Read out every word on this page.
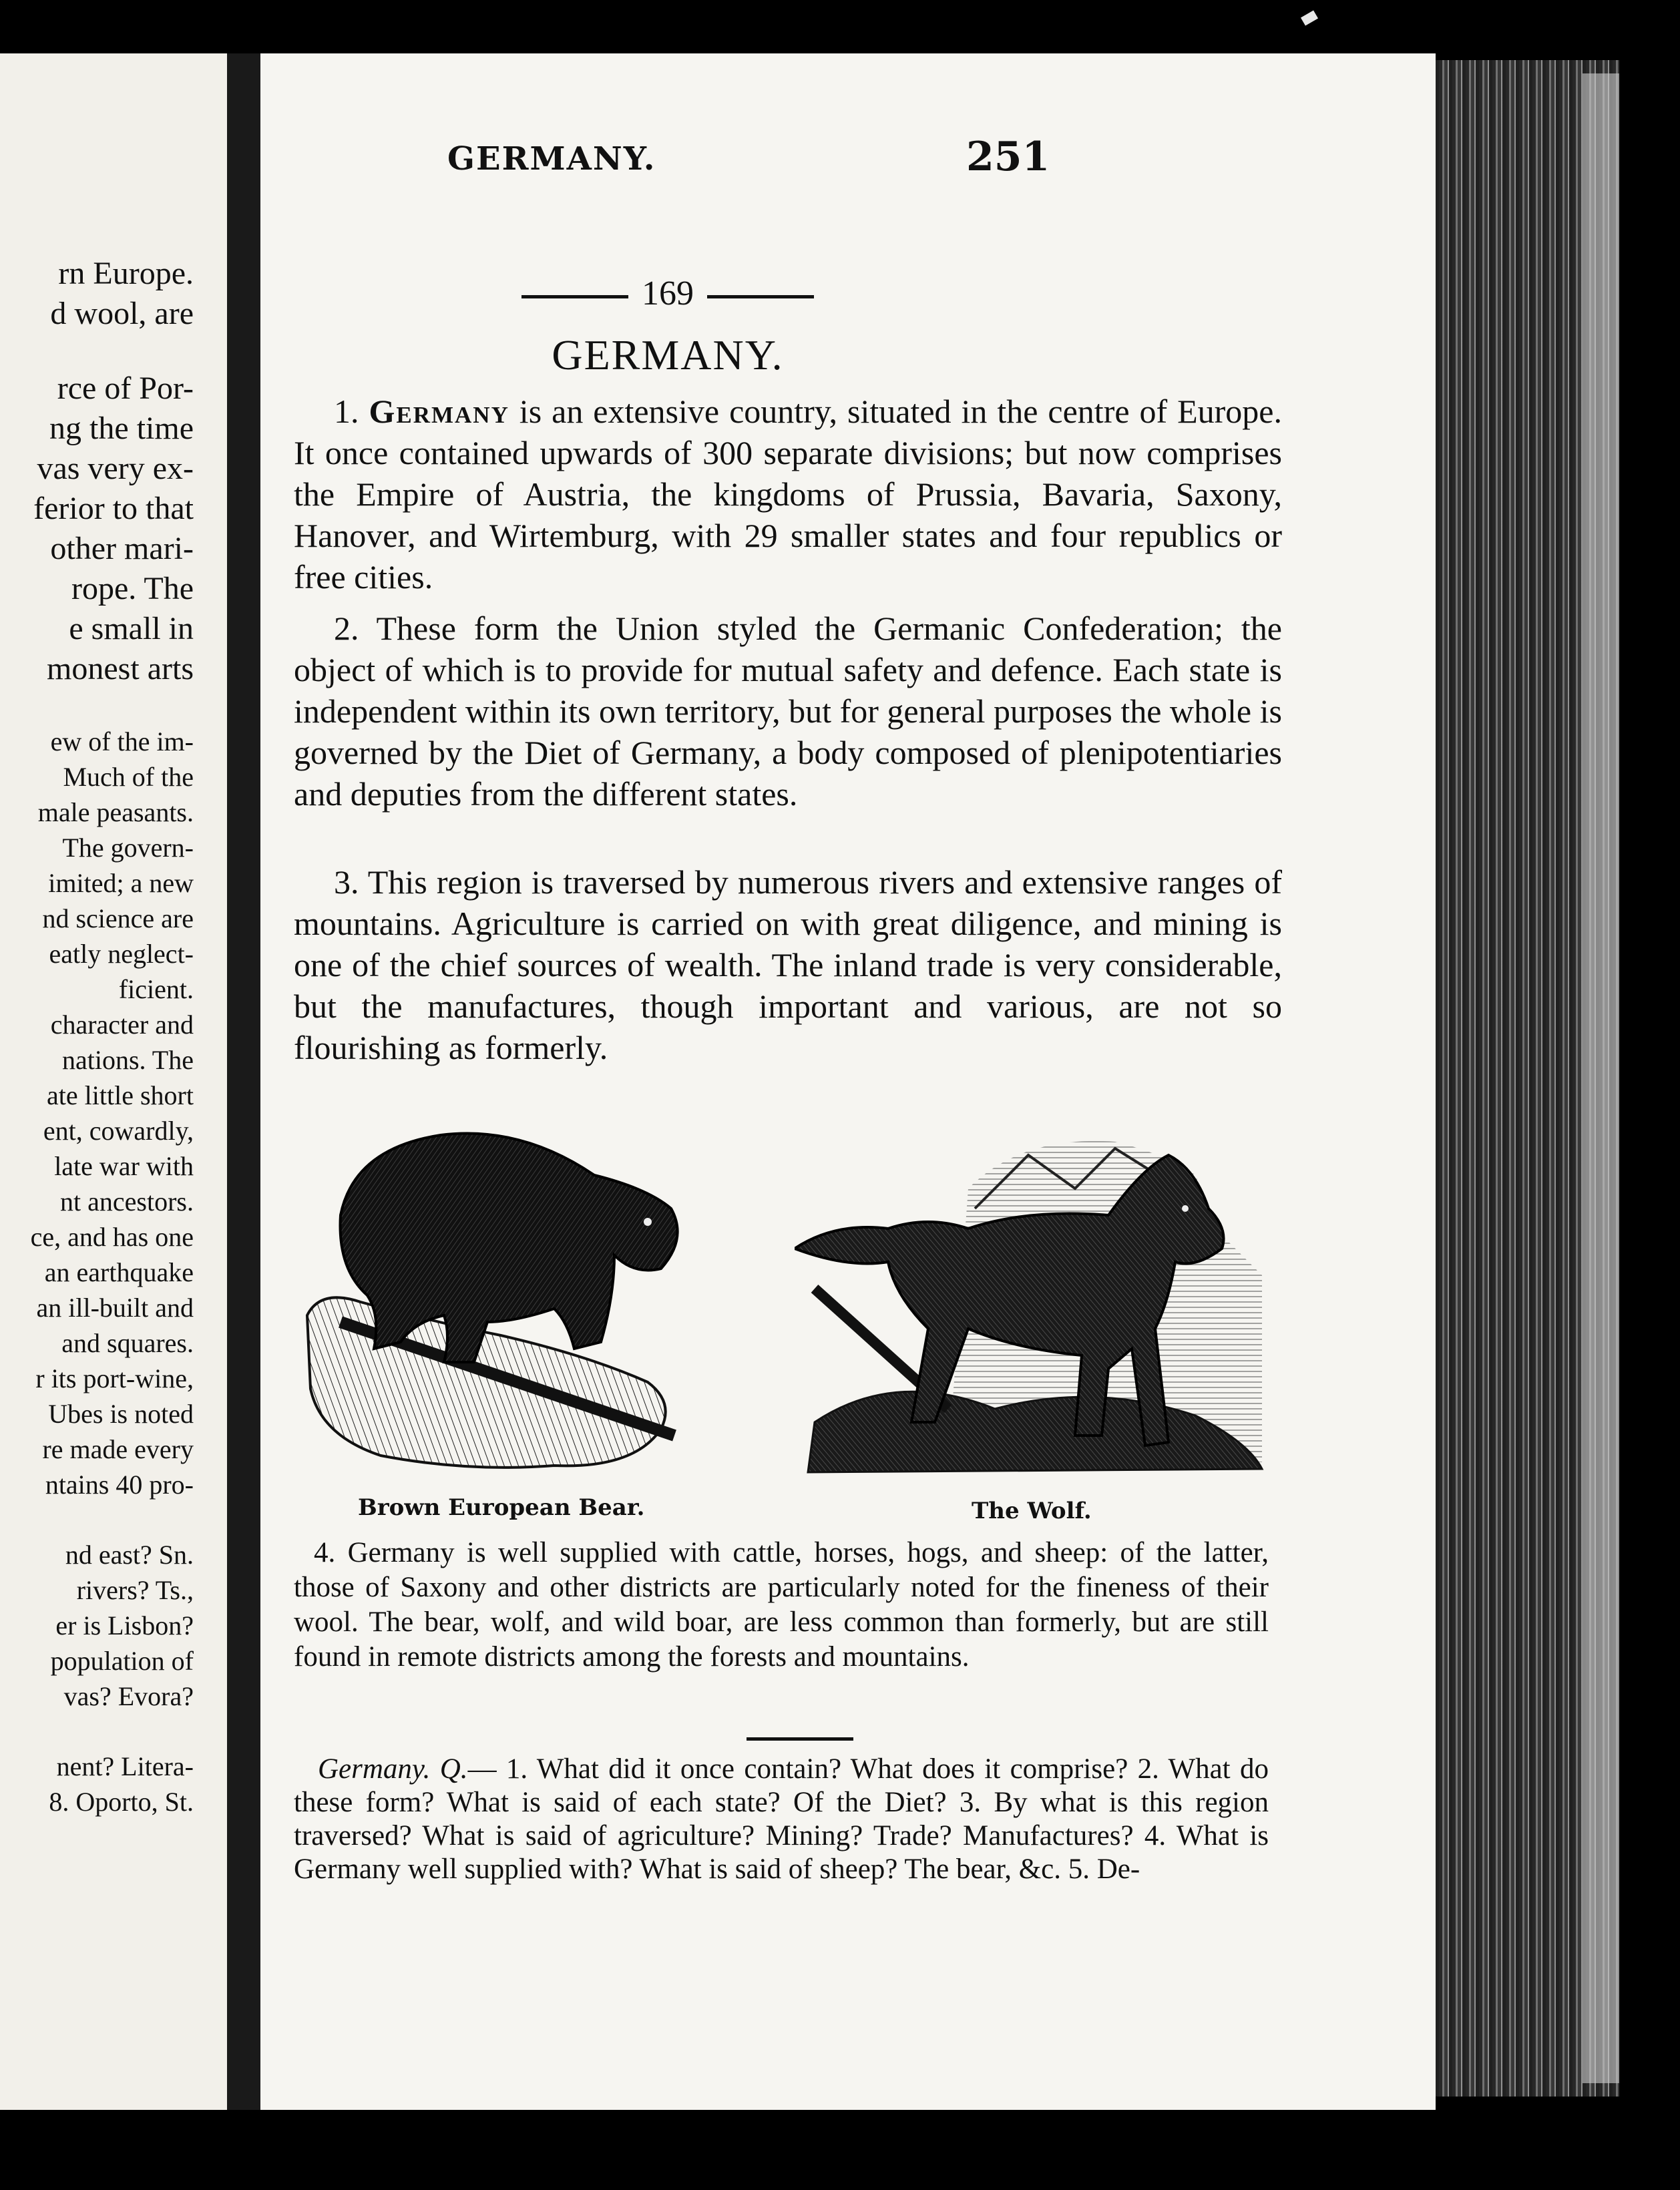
rn Europe.
d wool, are
rce of Por-
ng the time
vas very ex-
ferior to that
other mari-
rope. The
e small in
monest arts
ew of the im-
Much of the
male peasants.
The govern-
imited; a new
nd science are
eatly neglect-
ficient.
character and
nations. The
ate little short
ent, cowardly,
late war with
nt ancestors.
ce, and has one
an earthquake
an ill-built and
and squares.
r its port-wine,
Ubes is noted
re made every
ntains 40 pro-
nd east? Sn.
rivers? Ts.,
er is Lisbon?
population of
vas? Evora?
nent? Litera-
8. Oporto, St.
GERMANY.	251
169
GERMANY.
1. Germany is an extensive country, situated in the centre of Europe. It once contained upwards of 300 separate divisions; but now comprises the Empire of Austria, the kingdoms of Prussia, Bavaria, Saxony, Hanover, and Wirtemburg, with 29 smaller states and four republics or free cities.
2. These form the Union styled the Germanic Confederation; the object of which is to provide for mutual safety and defence. Each state is independent within its own territory, but for general purposes the whole is governed by the Diet of Germany, a body composed of plenipotentiaries and deputies from the different states.
3. This region is traversed by numerous rivers and extensive ranges of mountains. Agriculture is carried on with great diligence, and mining is one of the chief sources of wealth. The inland trade is very considerable, but the manufactures, though important and various, are not so flourishing as formerly.
Brown European Bear.	The Wolf.
4. Germany is well supplied with cattle, horses, hogs, and sheep: of the latter, those of Saxony and other districts are particularly noted for the fineness of their wool. The bear, wolf, and wild boar, are less common than formerly, but are still found in remote districts among the forests and mountains.
Germany. Q.— 1. What did it once contain? What does it comprise? 2. What do these form? What is said of each state? Of the Diet? 3. By what is this region traversed? What is said of agriculture? Mining? Trade? Manufactures? 4. What is Germany well supplied with? What is said of sheep? The bear, &c. 5. De-
